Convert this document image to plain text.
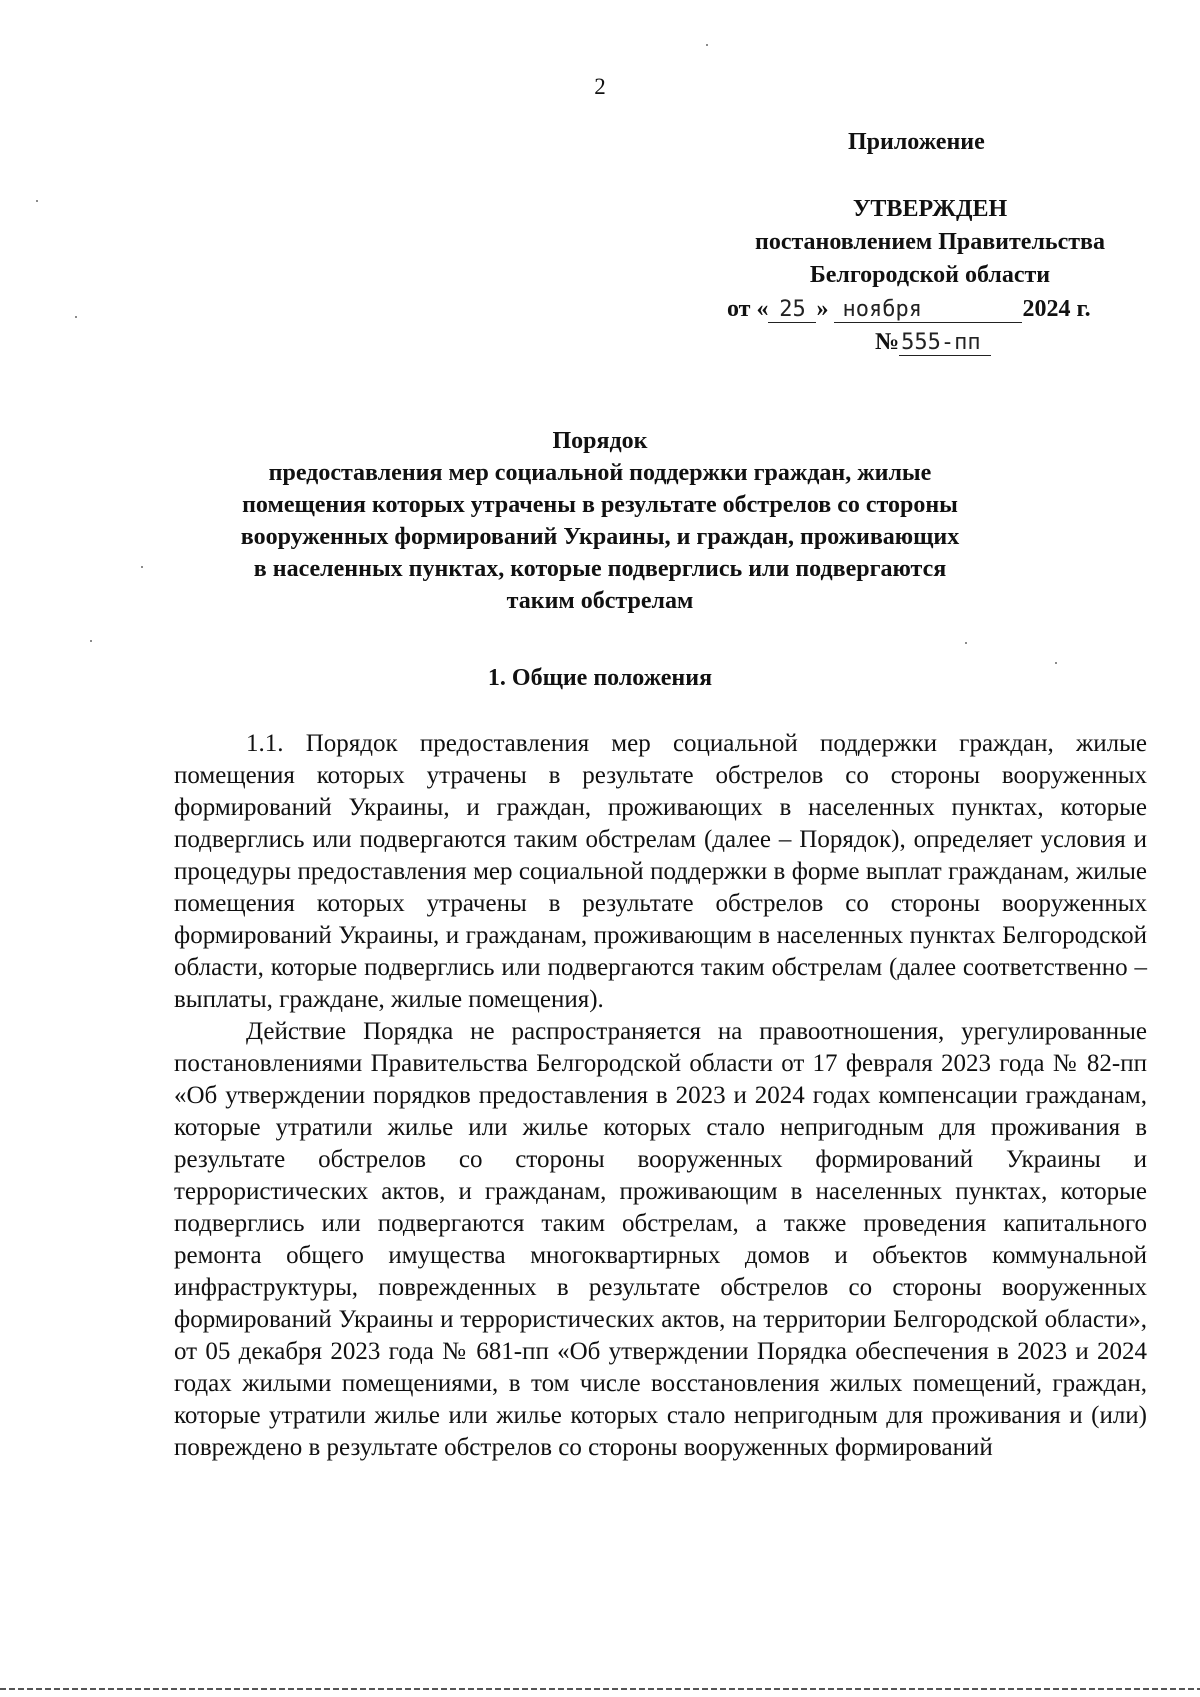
2
Приложение
УТВЕРЖДЕН
постановлением Правительства
Белгородской области
от « 25 » ноября	2024 г.
№555-пп
Порядок
предоставления мер социальной поддержки граждан, жилые
помещения которых утрачены в результате обстрелов со стороны
вооруженных формирований Украины, и граждан, проживающих
в населенных пунктах, которые подверглись или подвергаются
таким обстрелам
1. Общие положения

1.1. Порядок предоставления мер социальной поддержки граждан, жилые помещения которых утрачены в результате обстрелов со стороны вооруженных формирований Украины, и граждан, проживающих в населенных пунктах, которые подверглись или подвергаются таким обстрелам (далее – Порядок), определяет условия и процедуры предоставления мер социальной поддержки в форме выплат гражданам, жилые помещения которых утрачены в результате обстрелов со стороны вооруженных формирований Украины, и гражданам, проживающим в населенных пунктах Белгородской области, которые подверглись или подвергаются таким обстрелам (далее соответственно – выплаты, граждане, жилые помещения).

Действие Порядка не распространяется на правоотношения, урегулированные постановлениями Правительства Белгородской области от 17 февраля 2023 года № 82-пп «Об утверждении порядков предоставления в 2023 и 2024 годах компенсации гражданам, которые утратили жилье или жилье которых стало непригодным для проживания в результате обстрелов со стороны вооруженных формирований Украины и террористических актов, и гражданам, проживающим в населенных пунктах, которые подверглись или подвергаются таким обстрелам, а также проведения капитального ремонта общего имущества многоквартирных домов и объектов коммунальной инфраструктуры, поврежденных в результате обстрелов со стороны вооруженных формирований Украины и террористических актов, на территории Белгородской области», от 05 декабря 2023 года № 681-пп «Об утверждении Порядка обеспечения в 2023 и 2024 годах жилыми помещениями, в том числе восстановления жилых помещений, граждан, которые утратили жилье или жилье которых стало непригодным для проживания и (или) повреждено в результате обстрелов со стороны вооруженных формирований
